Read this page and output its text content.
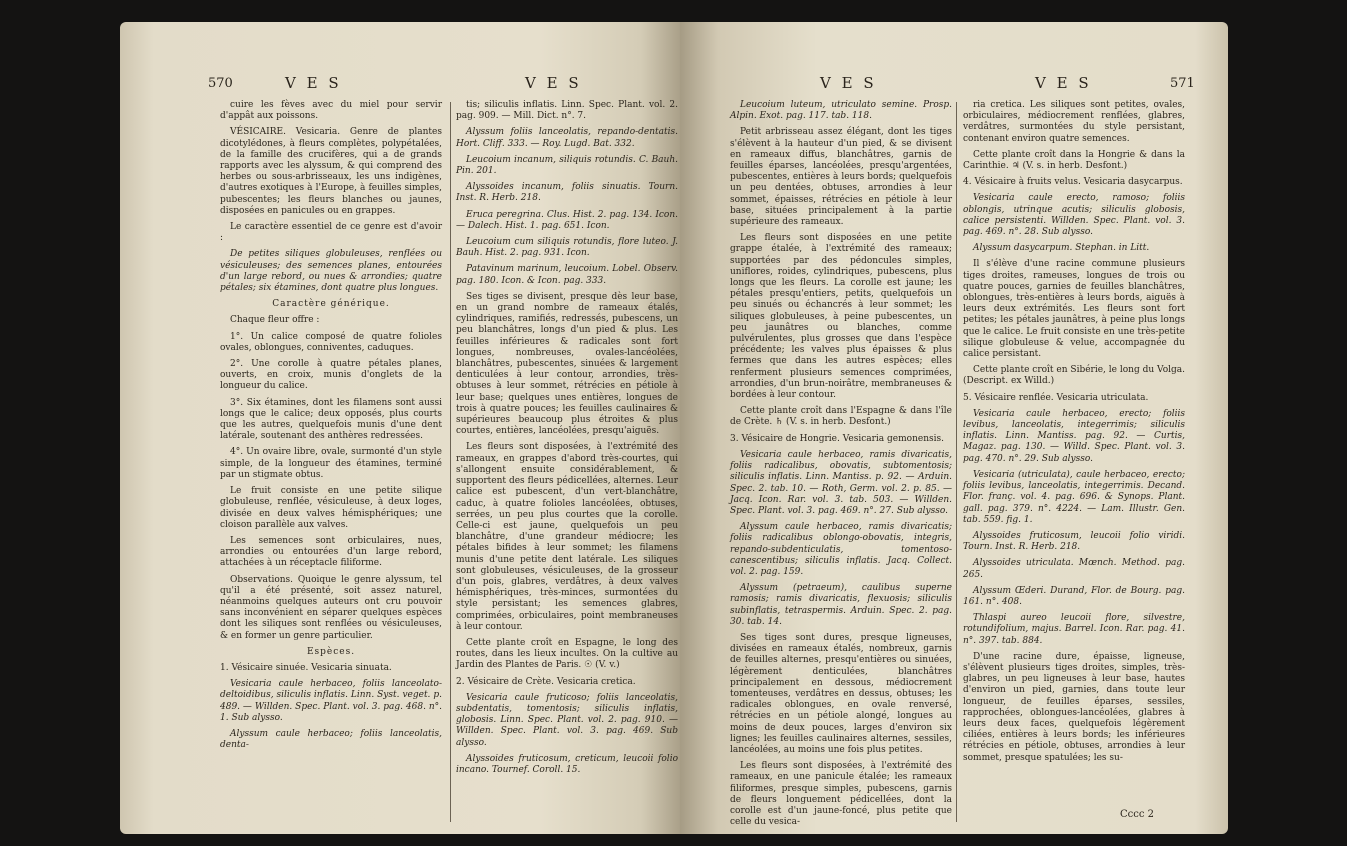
570	V E S	V E S

cuire les fèves avec du miel pour servir d'appât aux poissons.

VÉSICAIRE. Vesicaria. Genre de plantes dicotylédones, à fleurs complètes, polypétalées, de la famille des crucifères, qui a de grands rapports avec les alyssum, & qui comprend des herbes ou sous-arbrisseaux, les uns indigènes, d'autres exotiques à l'Europe, à feuilles simples, pubescentes; les fleurs blanches ou jaunes, disposées en panicules ou en grappes.

Le caractère essentiel de ce genre est d'avoir :

De petites siliques globuleuses, renflées ou vésiculeuses; des semences planes, entourées d'un large rebord, ou nues & arrondies; quatre pétales; six étamines, dont quatre plus longues.

Caractère générique.

Chaque fleur offre :

1°. Un calice composé de quatre folioles ovales, oblongues, conniventes, caduques.

2°. Une corolle à quatre pétales planes, ouverts, en croix, munis d'onglets de la longueur du calice.

3°. Six étamines, dont les filamens sont aussi longs que le calice; deux opposés, plus courts que les autres, quelquefois munis d'une dent latérale, soutenant des anthères redressées.

4°. Un ovaire libre, ovale, surmonté d'un style simple, de la longueur des étamines, terminé par un stigmate obtus.

Le fruit consiste en une petite silique globuleuse, renflée, vésiculeuse, à deux loges, divisée en deux valves hémisphériques; une cloison parallèle aux valves.

Les semences sont orbiculaires, nues, arrondies ou entourées d'un large rebord, attachées à un réceptacle filiforme.

Observations. Quoique le genre alyssum, tel qu'il a été présenté, soit assez naturel, néanmoins quelques auteurs ont cru pouvoir sans inconvénient en séparer quelques espèces dont les siliques sont renflées ou vésiculeuses, & en former un genre particulier.

Espèces.

1. Vésicaire sinuée. Vesicaria sinuata.

Vesicaria caule herbaceo, foliis lanceolato-deltoidibus, siliculis inflatis. Linn. Syst. veget. p. 489. — Willden. Spec. Plant. vol. 3. pag. 468. n°. 1. Sub alysso.

Alyssum caule herbaceo; foliis lanceolatis, denta-

tis; siliculis inflatis. Linn. Spec. Plant. vol. 2. pag. 909. — Mill. Dict. n°. 7.

Alyssum foliis lanceolatis, repando-dentatis. Hort. Cliff. 333. — Roy. Lugd. Bat. 332.

Leucoium incanum, siliquis rotundis. C. Bauh. Pin. 201.

Alyssoides incanum, foliis sinuatis. Tourn. Inst. R. Herb. 218.

Eruca peregrina. Clus. Hist. 2. pag. 134. Icon. — Dalech. Hist. 1. pag. 651. Icon.

Leucoium cum siliquis rotundis, flore luteo. J. Bauh. Hist. 2. pag. 931. Icon.

Patavinum marinum, leucoium. Lobel. Observ. pag. 180. Icon. & Icon. pag. 333.

Ses tiges se divisent, presque dès leur base, en un grand nombre de rameaux étalés, cylindriques, ramifiés, redressés, pubescens, un peu blanchâtres, longs d'un pied & plus. Les feuilles inférieures & radicales sont fort longues, nombreuses, ovales-lancéolées, blanchâtres, pubescentes, sinuées & largement denticulées à leur contour, arrondies, très-obtuses à leur sommet, rétrécies en pétiole à leur base; quelques unes entières, longues de trois à quatre pouces; les feuilles caulinaires & supérieures beaucoup plus étroites & plus courtes, entières, lancéolées, presqu'aiguës.

Les fleurs sont disposées, à l'extrémité des rameaux, en grappes d'abord très-courtes, qui s'allongent ensuite considérablement, & supportent des fleurs pédicellées, alternes. Leur calice est pubescent, d'un vert-blanchâtre, caduc, à quatre folioles lancéolées, obtuses, serrées, un peu plus courtes que la corolle. Celle-ci est jaune, quelquefois un peu blanchâtre, d'une grandeur médiocre; les pétales bifides à leur sommet; les filamens munis d'une petite dent latérale. Les siliques sont globuleuses, vésiculeuses, de la grosseur d'un pois, glabres, verdâtres, à deux valves hémisphériques, très-minces, surmontées du style persistant; les semences glabres, comprimées, orbiculaires, point membraneuses à leur contour.

Cette plante croît en Espagne, le long des routes, dans les lieux incultes. On la cultive au Jardin des Plantes de Paris. ☉ (V. v.)

2. Vésicaire de Crète. Vesicaria cretica.

Vesicaria caule fruticoso; foliis lanceolatis, subdentatis, tomentosis; siliculis inflatis, globosis. Linn. Spec. Plant. vol. 2. pag. 910. — Willden. Spec. Plant. vol. 3. pag. 469. Sub alysso.

Alyssoides fruticosum, creticum, leucoii folio incano. Tournef. Coroll. 15.

V E S	V E S	571

Leucoium luteum, utriculato semine. Prosp. Alpin. Exot. pag. 117. tab. 118.

Petit arbrisseau assez élégant, dont les tiges s'élèvent à la hauteur d'un pied, & se divisent en rameaux diffus, blanchâtres, garnis de feuilles éparses, lancéolées, presqu'argentées, pubescentes, entières à leurs bords; quelquefois un peu dentées, obtuses, arrondies à leur sommet, épaisses, rétrécies en pétiole à leur base, situées principalement à la partie supérieure des rameaux.

Les fleurs sont disposées en une petite grappe étalée, à l'extrémité des rameaux; supportées par des pédoncules simples, uniflores, roides, cylindriques, pubescens, plus longs que les fleurs. La corolle est jaune; les pétales presqu'entiers, petits, quelquefois un peu sinués ou échancrés à leur sommet; les siliques globuleuses, à peine pubescentes, un peu jaunâtres ou blanches, comme pulvérulentes, plus grosses que dans l'espèce précédente; les valves plus épaisses & plus fermes que dans les autres espèces; elles renferment plusieurs semences comprimées, arrondies, d'un brun-noirâtre, membraneuses & bordées à leur contour.

Cette plante croît dans l'Espagne & dans l'île de Crète. ♄ (V. s. in herb. Desfont.)

3. Vésicaire de Hongrie. Vesicaria gemonensis.

Vesicaria caule herbaceo, ramis divaricatis, foliis radicalibus, obovatis, subtomentosis; siliculis inflatis. Linn. Mantiss. p. 92. — Arduin. Spec. 2. tab. 10. — Roth, Germ. vol. 2. p. 85. — Jacq. Icon. Rar. vol. 3. tab. 503. — Willden. Spec. Plant. vol. 3. pag. 469. n°. 27. Sub alysso.

Alyssum caule herbaceo, ramis divaricatis; foliis radicalibus oblongo-obovatis, integris, repando-subdenticulatis, tomentoso-canescentibus; siliculis inflatis. Jacq. Collect. vol. 2. pag. 159.

Alyssum (petraeum), caulibus superne ramosis; ramis divaricatis, flexuosis; siliculis subinflatis, tetraspermis. Arduin. Spec. 2. pag. 30. tab. 14.

Ses tiges sont dures, presque ligneuses, divisées en rameaux étalés, nombreux, garnis de feuilles alternes, presqu'entières ou sinuées, légèrement denticulées, blanchâtres principalement en dessous, médiocrement tomenteuses, verdâtres en dessus, obtuses; les radicales oblongues, en ovale renversé, rétrécies en un pétiole alongé, longues au moins de deux pouces, larges d'environ six lignes; les feuilles caulinaires alternes, sessiles, lancéolées, au moins une fois plus petites.

Les fleurs sont disposées, à l'extrémité des rameaux, en une panicule étalée; les rameaux filiformes, presque simples, pubescens, garnis de fleurs longuement pédicellées, dont la corolle est d'un jaune-foncé, plus petite que celle du vesica-

ria cretica. Les siliques sont petites, ovales, orbiculaires, médiocrement renflées, glabres, verdâtres, surmontées du style persistant, contenant environ quatre semences.

Cette plante croît dans la Hongrie & dans la Carinthie. ♃ (V. s. in herb. Desfont.)

4. Vésicaire à fruits velus. Vesicaria dasycarpus.

Vesicaria caule erecto, ramoso; foliis oblongis, utrinque acutis; siliculis globosis, calice persistenti. Willden. Spec. Plant. vol. 3. pag. 469. n°. 28. Sub alysso.

Alyssum dasycarpum. Stephan. in Litt.

Il s'élève d'une racine commune plusieurs tiges droites, rameuses, longues de trois ou quatre pouces, garnies de feuilles blanchâtres, oblongues, très-entières à leurs bords, aiguës à leurs deux extrémités. Les fleurs sont fort petites; les pétales jaunâtres, à peine plus longs que le calice. Le fruit consiste en une très-petite silique globuleuse & velue, accompagnée du calice persistant.

Cette plante croît en Sibérie, le long du Volga. (Descript. ex Willd.)

5. Vésicaire renflée. Vesicaria utriculata.

Vesicaria caule herbaceo, erecto; foliis levibus, lanceolatis, integerrimis; siliculis inflatis. Linn. Mantiss. pag. 92. — Curtis, Magaz. pag. 130. — Willd. Spec. Plant. vol. 3. pag. 470. n°. 29. Sub alysso.

Vesicaria (utriculata), caule herbaceo, erecto; foliis levibus, lanceolatis, integerrimis. Decand. Flor. franç. vol. 4. pag. 696. & Synops. Plant. gall. pag. 379. n°. 4224. — Lam. Illustr. Gen. tab. 559. fig. 1.

Alyssoides fruticosum, leucoii folio viridi. Tourn. Inst. R. Herb. 218.

Alyssoides utriculata. Mœnch. Method. pag. 265.

Alyssum Œderi. Durand, Flor. de Bourg. pag. 161. n°. 408.

Thlaspi aureo leucoii flore, silvestre, rotundifolium, majus. Barrel. Icon. Rar. pag. 41. n°. 397. tab. 884.

D'une racine dure, épaisse, ligneuse, s'élèvent plusieurs tiges droites, simples, très-glabres, un peu ligneuses à leur base, hautes d'environ un pied, garnies, dans toute leur longueur, de feuilles éparses, sessiles, rapprochées, oblongues-lancéolées, glabres à leurs deux faces, quelquefois légèrement ciliées, entières à leurs bords; les inférieures rétrécies en pétiole, obtuses, arrondies à leur sommet, presque spatulées; les su-

Cccc 2
